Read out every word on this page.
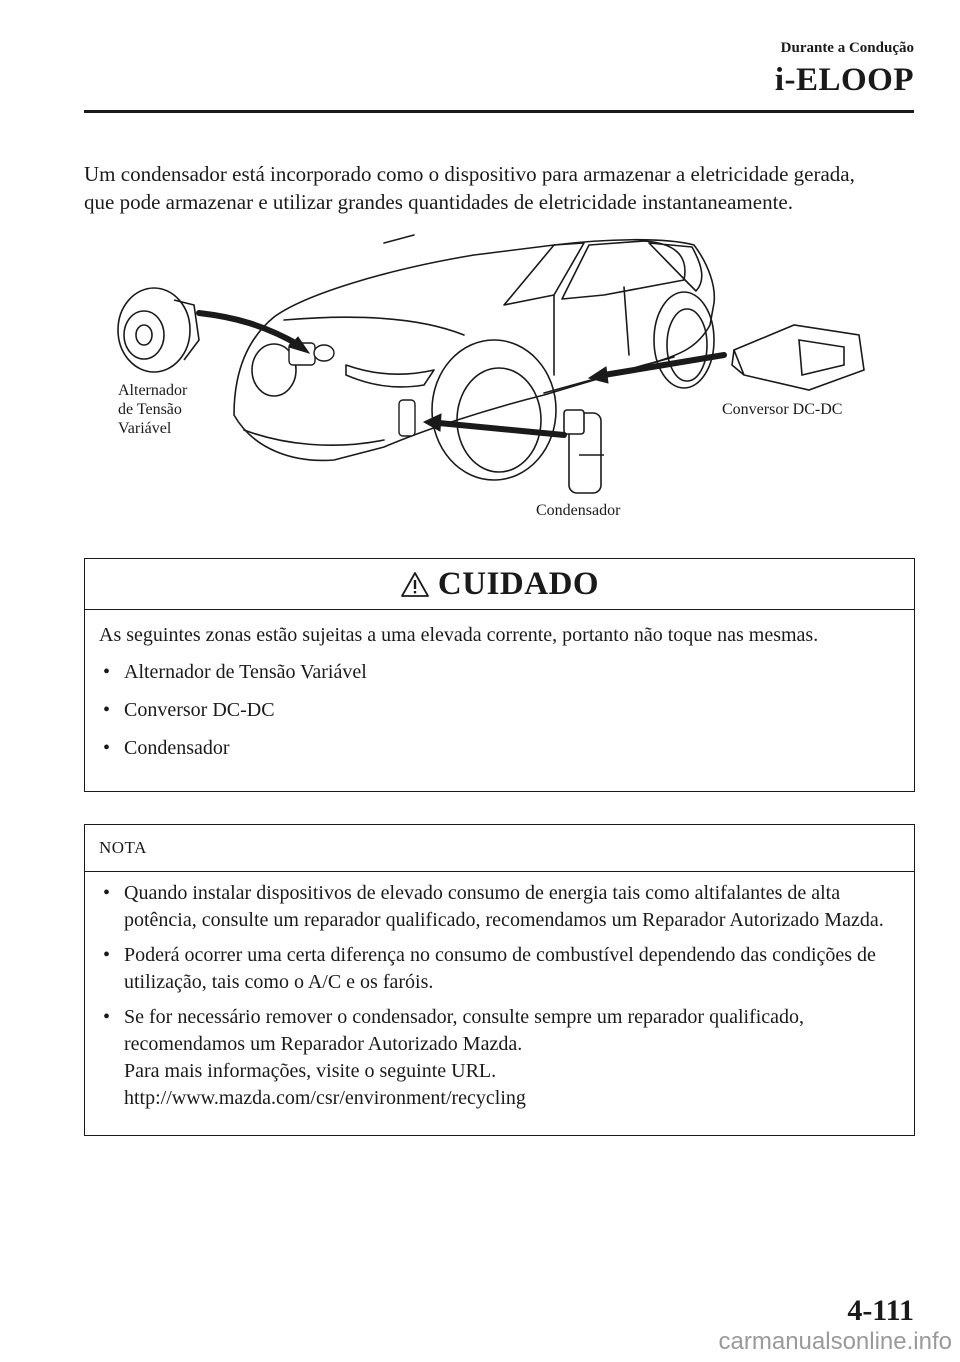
Durante a Condução
i-ELOOP

Um condensador está incorporado como o dispositivo para armazenar a eletricidade gerada,

que pode armazenar e utilizar grandes quantidades de eletricidade instantaneamente.

Alternador
de Tensão
Variável
Conversor DC-DC
Condensador
CUIDADO

As seguintes zonas estão sujeitas a uma elevada corrente, portanto não toque nas mesmas.

• Alternador de Tensão Variável
• Conversor DC-DC
• Condensador
NOTA
• Quando instalar dispositivos de elevado consumo de energia tais como altifalantes de alta potência, consulte um reparador qualificado, recomendamos um Reparador Autorizado Mazda.
• Poderá ocorrer uma certa diferença no consumo de combustível dependendo das condições de utilização, tais como o A/C e os faróis.
• Se for necessário remover o condensador, consulte sempre um reparador qualificado, recomendamos um Reparador Autorizado Mazda.
Para mais informações, visite o seguinte URL.
http://www.mazda.com/csr/environment/recycling
4-111
carmanualsonline.info
